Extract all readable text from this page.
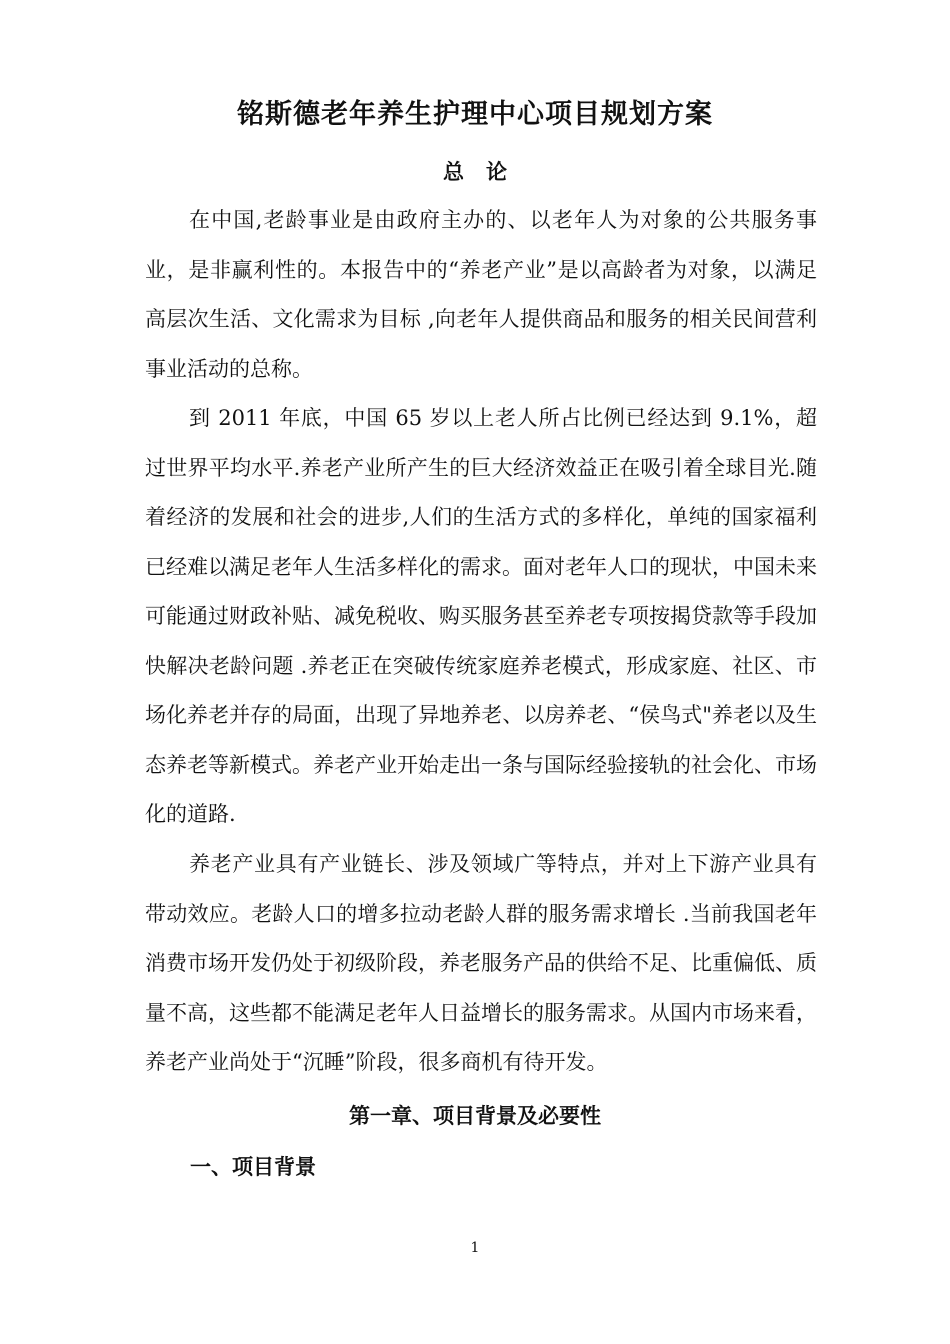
铭斯德老年养生护理中心项目规划方案
总论

在中国,老龄事业是由政府主办的、以老年人为对象的公共服务事业，是非赢利性的。本报告中的“养老产业”是以高龄者为对象，以满足高层次生活、文化需求为目标 ,向老年人提供商品和服务的相关民间营利事业活动的总称。

到 2011 年底，中国 65 岁以上老人所占比例已经达到 9.1%，超过世界平均水平.养老产业所产生的巨大经济效益正在吸引着全球目光.随着经济的发展和社会的进步,人们的生活方式的多样化，单纯的国家福利已经难以满足老年人生活多样化的需求。面对老年人口的现状，中国未来可能通过财政补贴、减免税收、购买服务甚至养老专项按揭贷款等手段加快解决老龄问题 .养老正在突破传统家庭养老模式，形成家庭、社区、市场化养老并存的局面，出现了异地养老、以房养老、“侯鸟式"养老以及生态养老等新模式。养老产业开始走出一条与国际经验接轨的社会化、市场化的道路.

养老产业具有产业链长、涉及领域广等特点，并对上下游产业具有带动效应。老龄人口的增多拉动老龄人群的服务需求增长 .当前我国老年消费市场开发仍处于初级阶段，养老服务产品的供给不足、比重偏低、质量不高，这些都不能满足老年人日益增长的服务需求。从国内市场来看，养老产业尚处于“沉睡”阶段，很多商机有待开发。

第一章、项目背景及必要性
一、项目背景
1
